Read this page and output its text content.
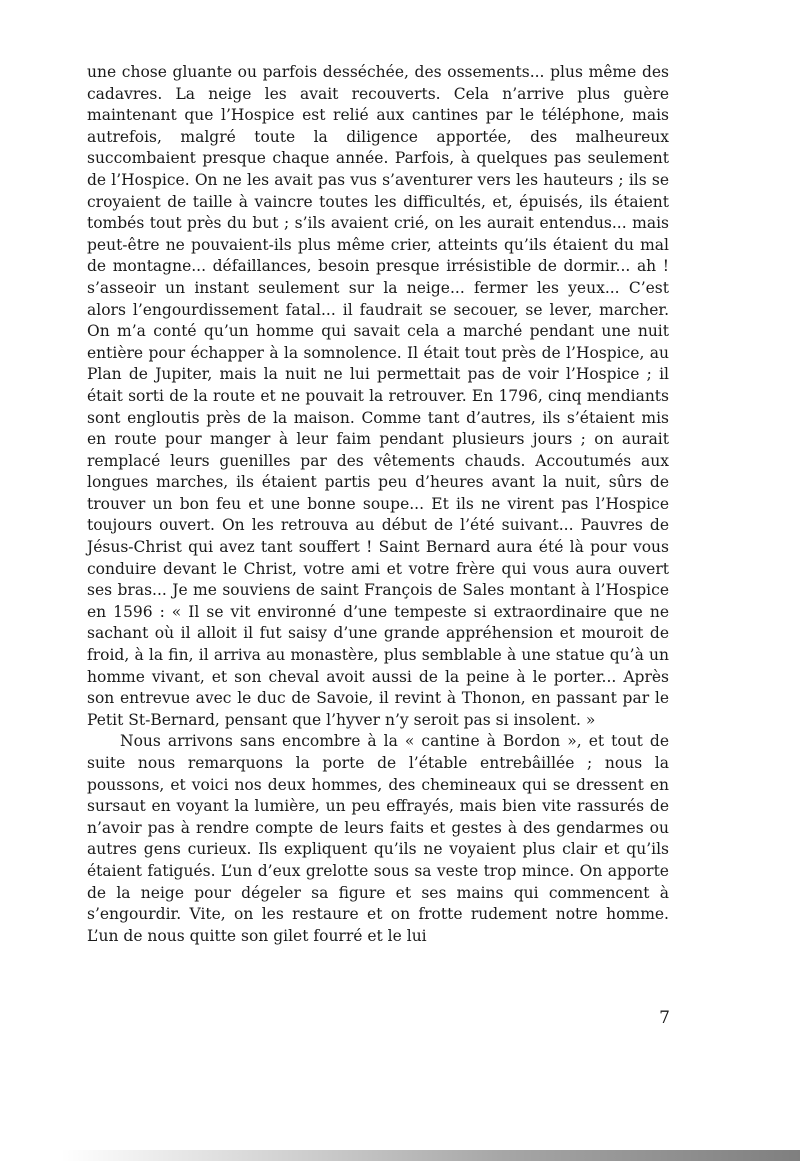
une chose gluante ou parfois desséchée, des ossements... plus même des cadavres. La neige les avait recouverts. Cela n’arrive plus guère maintenant que l’Hospice est relié aux cantines par le téléphone, mais autrefois, malgré toute la diligence apportée, des malheureux succombaient presque chaque année. Parfois, à quelques pas seulement de l’Hospice. On ne les avait pas vus s’aventurer vers les hauteurs ; ils se croyaient de taille à vaincre toutes les difficultés, et, épuisés, ils étaient tombés tout près du but ; s’ils avaient crié, on les aurait entendus... mais peut-être ne pouvaient-ils plus même crier, atteints qu’ils étaient du mal de montagne... défaillances, besoin presque irrésistible de dormir... ah ! s’asseoir un instant seulement sur la neige... fermer les yeux... C’est alors l’engourdissement fatal... il faudrait se secouer, se lever, marcher. On m’a conté qu’un homme qui savait cela a marché pendant une nuit entière pour échapper à la somnolence. Il était tout près de l’Hospice, au Plan de Jupiter, mais la nuit ne lui permettait pas de voir l’Hospice ; il était sorti de la route et ne pouvait la retrouver. En 1796, cinq mendiants sont engloutis près de la maison. Comme tant d’autres, ils s’étaient mis en route pour manger à leur faim pendant plusieurs jours ; on aurait remplacé leurs guenilles par des vêtements chauds. Accoutumés aux longues marches, ils étaient partis peu d’heures avant la nuit, sûrs de trouver un bon feu et une bonne soupe... Et ils ne virent pas l’Hospice toujours ouvert. On les retrouva au début de l’été suivant... Pauvres de Jésus-Christ qui avez tant souffert ! Saint Bernard aura été là pour vous conduire devant le Christ, votre ami et votre frère qui vous aura ouvert ses bras... Je me souviens de saint François de Sales montant à l’Hospice en 1596 : « Il se vit environné d’une tempeste si extraordinaire que ne sachant où il alloit il fut saisy d’une grande appréhension et mouroit de froid, à la fin, il arriva au monastère, plus semblable à une statue qu’à un homme vivant, et son cheval avoit aussi de la peine à le porter... Après son entrevue avec le duc de Savoie, il revint à Thonon, en passant par le Petit St-Bernard, pensant que l’hyver n’y seroit pas si insolent. »

Nous arrivons sans encombre à la « cantine à Bordon », et tout de suite nous remarquons la porte de l’étable entrebâillée ; nous la poussons, et voici nos deux hommes, des chemineaux qui se dressent en sursaut en voyant la lumière, un peu effrayés, mais bien vite rassurés de n’avoir pas à rendre compte de leurs faits et gestes à des gendarmes ou autres gens curieux. Ils expliquent qu’ils ne voyaient plus clair et qu’ils étaient fatigués. L’un d’eux grelotte sous sa veste trop mince. On apporte de la neige pour dégeler sa figure et ses mains qui commencent à s’engourdir. Vite, on les restaure et on frotte rudement notre homme. L’un de nous quitte son gilet fourré et le lui

7
